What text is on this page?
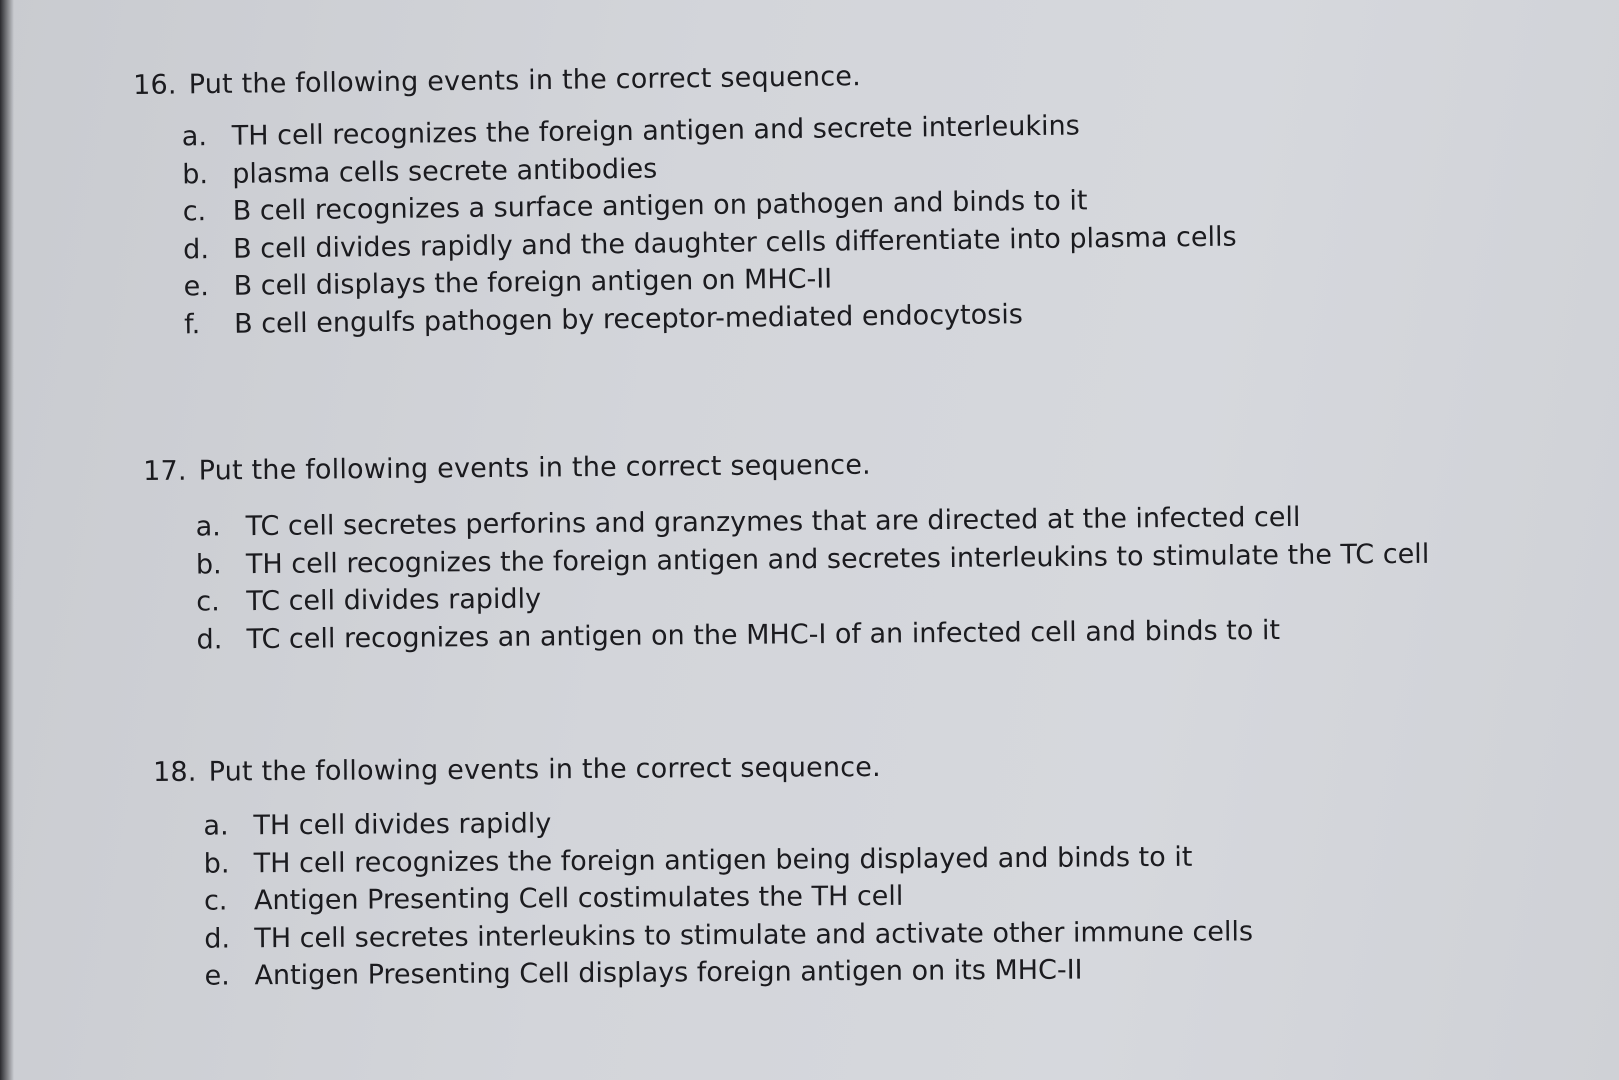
16. Put the following events in the correct sequence.
a. TH cell recognizes the foreign antigen and secrete interleukins
b. plasma cells secrete antibodies
c. B cell recognizes a surface antigen on pathogen and binds to it
d. B cell divides rapidly and the daughter cells differentiate into plasma cells
e. B cell displays the foreign antigen on MHC-II
f. B cell engulfs pathogen by receptor-mediated endocytosis
17. Put the following events in the correct sequence.
a. TC cell secretes perforins and granzymes that are directed at the infected cell
b. TH cell recognizes the foreign antigen and secretes interleukins to stimulate the TC cell
c. TC cell divides rapidly
d. TC cell recognizes an antigen on the MHC-I of an infected cell and binds to it
18. Put the following events in the correct sequence.
a. TH cell divides rapidly
b. TH cell recognizes the foreign antigen being displayed and binds to it
c. Antigen Presenting Cell costimulates the TH cell
d. TH cell secretes interleukins to stimulate and activate other immune cells
e. Antigen Presenting Cell displays foreign antigen on its MHC-II
